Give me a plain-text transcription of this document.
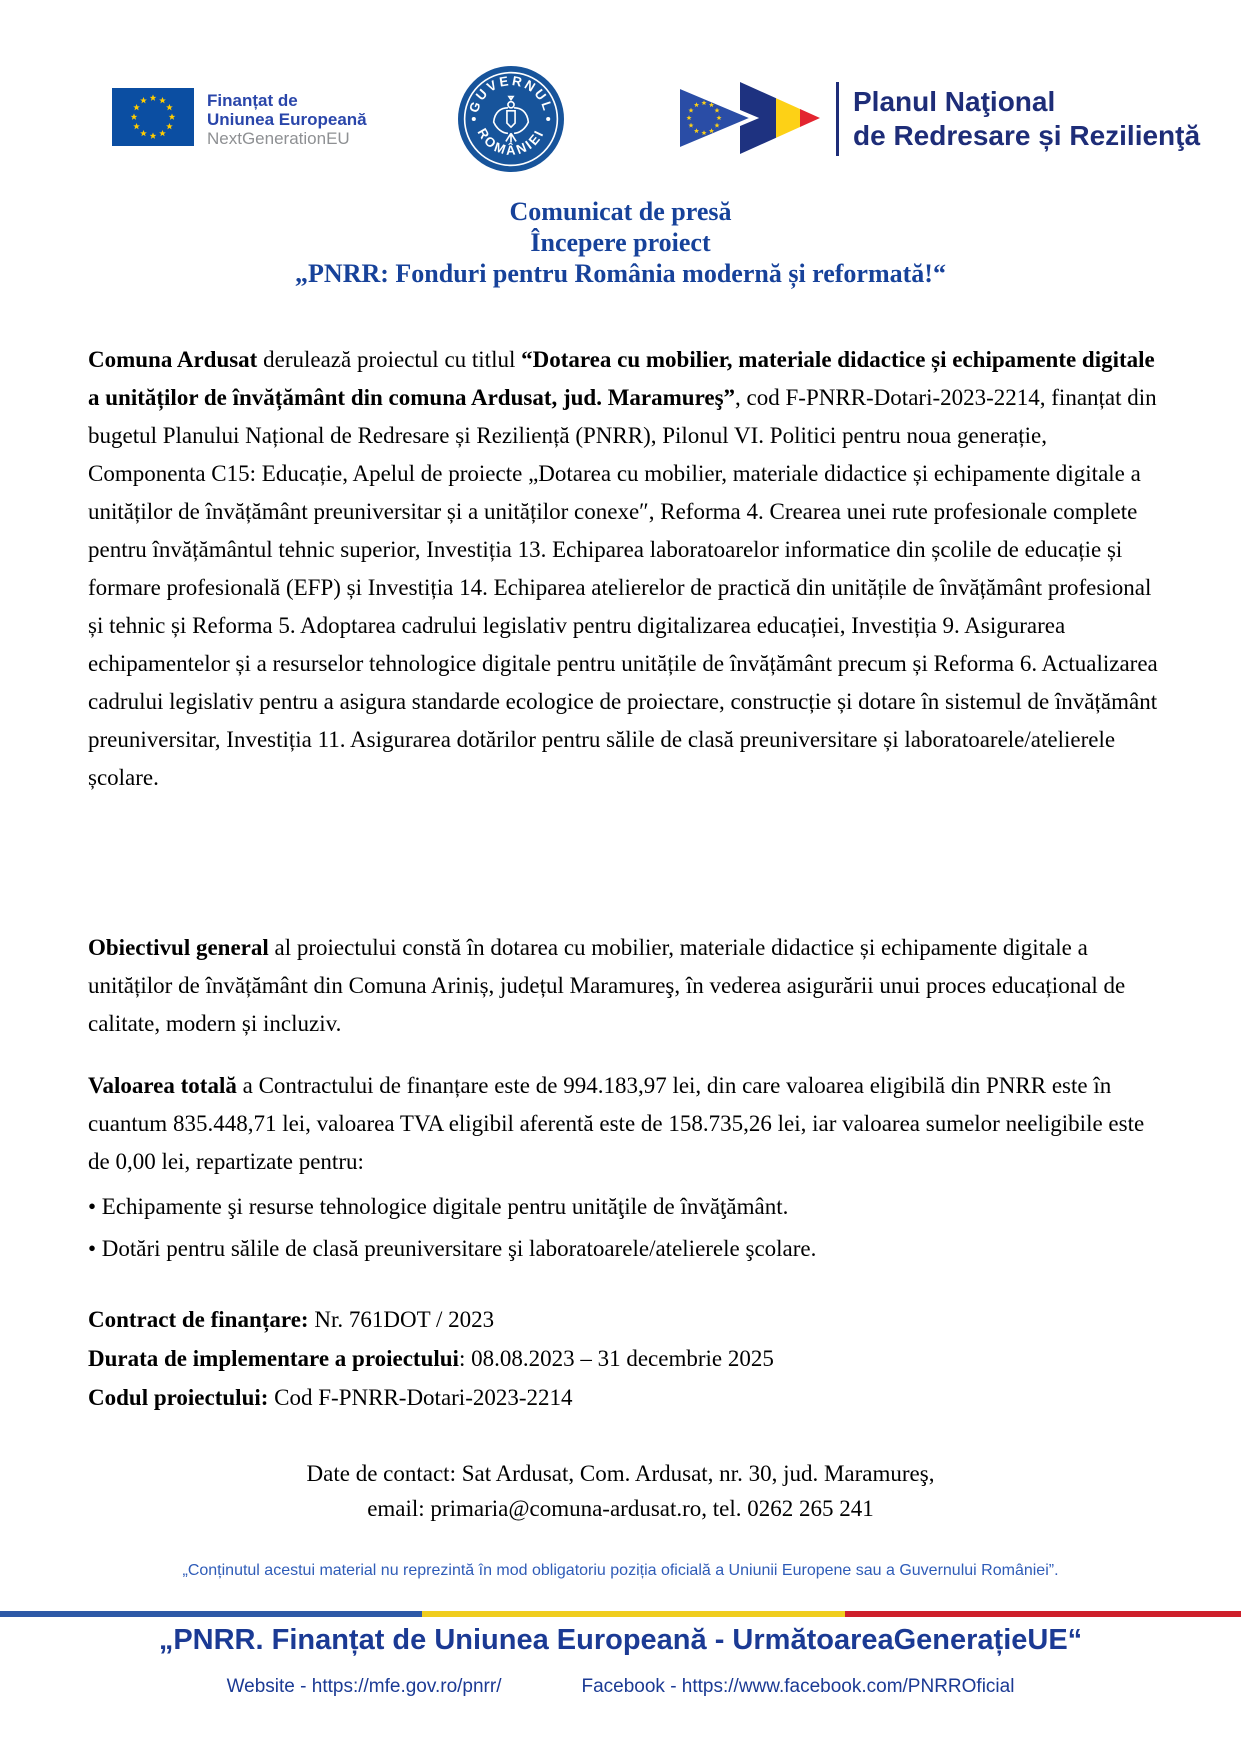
Finanțat de
Uniunea Europeană
NextGenerationEU
GUVERNUL
ROMÂNIEI
Planul Naţional
de Redresare și Rezilienţă
Comunicat de presă
Începere proiect
„PNRR: Fonduri pentru România modernă și reformată!“

Comuna Ardusat derulează proiectul cu titlul “Dotarea cu mobilier, materiale didactice și echipamente digitale a unităților de învățământ din comuna Ardusat, jud. Maramureş”, cod F-PNRR-Dotari-2023-2214, finanțat din bugetul Planului Național de Redresare și Reziliență (PNRR), Pilonul VI. Politici pentru noua generație, Componenta C15: Educație, Apelul de proiecte „Dotarea cu mobilier, materiale didactice și echipamente digitale a unităților de învățământ preuniversitar și a unităților conexe″, Reforma 4. Crearea unei rute profesionale complete pentru învățământul tehnic superior, Investiția 13. Echiparea laboratoarelor informatice din școlile de educație și formare profesională (EFP) și Investiția 14. Echiparea atelierelor de practică din unitățile de învățământ profesional și tehnic și Reforma 5. Adoptarea cadrului legislativ pentru digitalizarea educației, Investiția 9. Asigurarea echipamentelor și a resurselor tehnologice digitale pentru unitățile de învățământ precum și Reforma 6. Actualizarea cadrului legislativ pentru a asigura standarde ecologice de proiectare, construcție și dotare în sistemul de învățământ preuniversitar, Investiția 11. Asigurarea dotărilor pentru sălile de clasă preuniversitare și laboratoarele/atelierele școlare.

Obiectivul general al proiectului constă în dotarea cu mobilier, materiale didactice și echipamente digitale a unităților de învățământ din Comuna Ariniș, județul Maramureş, în vederea asigurării unui proces educațional de calitate, modern și incluziv.

Valoarea totală a Contractului de finanțare este de 994.183,97 lei, din care valoarea eligibilă din PNRR este în cuantum 835.448,71 lei, valoarea TVA eligibil aferentă este de 158.735,26 lei, iar valoarea sumelor neeligibile este de 0,00 lei, repartizate pentru:

• Echipamente şi resurse tehnologice digitale pentru unităţile de învăţământ.
• Dotări pentru sălile de clasă preuniversitare şi laboratoarele/atelierele şcolare.
Contract de finanțare: Nr. 761DOT / 2023
Durata de implementare a proiectului: 08.08.2023 – 31 decembrie 2025
Codul proiectului: Cod F-PNRR-Dotari-2023-2214
Date de contact: Sat Ardusat, Com. Ardusat, nr. 30, jud. Maramureş,
email: primaria@comuna-ardusat.ro, tel. 0262 265 241
„Conținutul acestui material nu reprezintă în mod obligatoriu poziția oficială a Uniunii Europene sau a Guvernului României”.
„PNRR. Finanțat de Uniunea Europeană - UrmătoareaGenerațieUE“
Website - https://mfe.gov.ro/pnrr/	Facebook - https://www.facebook.com/PNRROficial
